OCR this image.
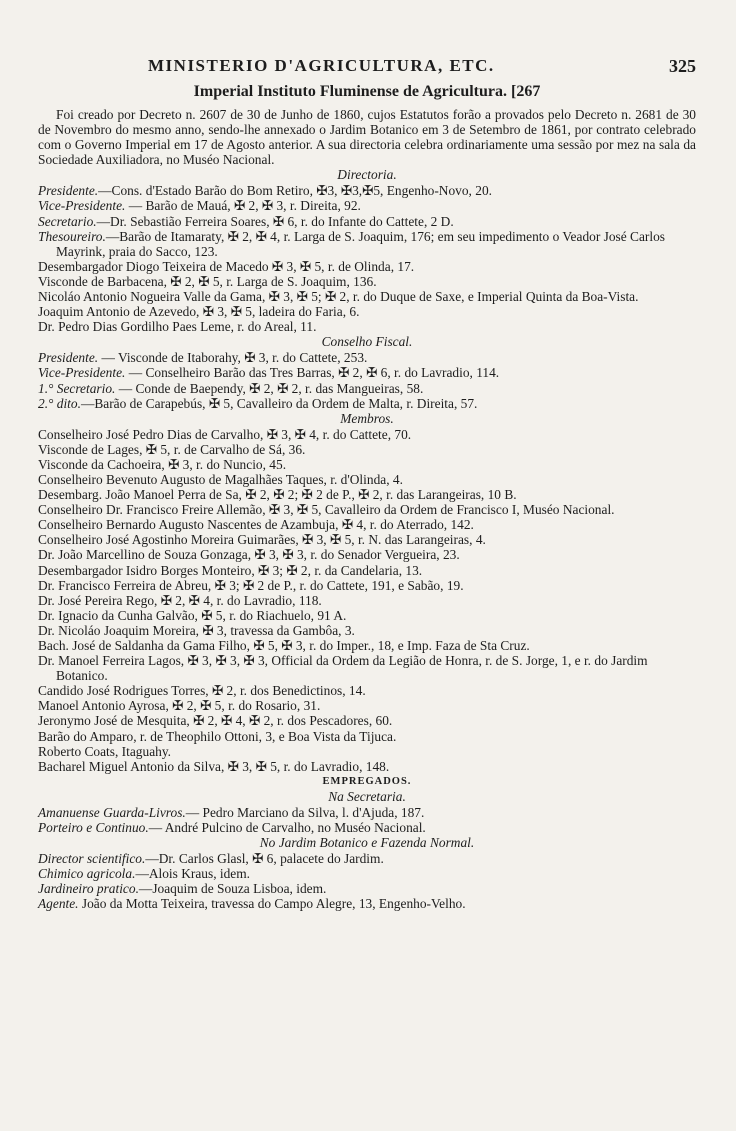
MINISTERIO D'AGRICULTURA, ETC.	325
Imperial Instituto Fluminense de Agricultura. [267

Foi creado por Decreto n. 2607 de 30 de Junho de 1860, cujos Estatutos forão a provados pelo Decreto n. 2681 de 30 de Novembro do mesmo anno, sendo-lhe annexado o Jardim Botanico em 3 de Setembro de 1861, por contrato celebrado com o Governo Imperial em 17 de Agosto anterior. A sua directoria celebra ordinariamente uma sessão por mez na sala da Sociedade Auxiliadora, no Muséo Nacional.

Directoria.

Presidente.—Cons. d'Estado Barão do Bom Retiro, ✠3, ✠3,✠5, Engenho-Novo, 20.

Vice-Presidente. — Barão de Mauá, ✠ 2, ✠ 3, r. Direita, 92.

Secretario.—Dr. Sebastião Ferreira Soares, ✠ 6, r. do Infante do Cattete, 2 D.

Thesoureiro.—Barão de Itamaraty, ✠ 2, ✠ 4, r. Larga de S. Joaquim, 176; em seu impedimento o Veador José Carlos Mayrink, praia do Sacco, 123.

Desembargador Diogo Teixeira de Macedo ✠ 3, ✠ 5, r. de Olinda, 17.

Visconde de Barbacena, ✠ 2, ✠ 5, r. Larga de S. Joaquim, 136.

Nicoláo Antonio Nogueira Valle da Gama, ✠ 3, ✠ 5; ✠ 2, r. do Duque de Saxe, e Imperial Quinta da Boa-Vista.

Joaquim Antonio de Azevedo, ✠ 3, ✠ 5, ladeira do Faria, 6.

Dr. Pedro Dias Gordilho Paes Leme, r. do Areal, 11.

Conselho Fiscal.

Presidente. — Visconde de Itaborahy, ✠ 3, r. do Cattete, 253.

Vice-Presidente. — Conselheiro Barão das Tres Barras, ✠ 2, ✠ 6, r. do Lavradio, 114.

1.° Secretario. — Conde de Baependy, ✠ 2, ✠ 2, r. das Mangueiras, 58.

2.° dito.—Barão de Carapebús, ✠ 5, Cavalleiro da Ordem de Malta, r. Direita, 57.

Membros.

Conselheiro José Pedro Dias de Carvalho, ✠ 3, ✠ 4, r. do Cattete, 70.

Visconde de Lages, ✠ 5, r. de Carvalho de Sá, 36.

Visconde da Cachoeira, ✠ 3, r. do Nuncio, 45.

Conselheiro Bevenuto Augusto de Magalhães Taques, r. d'Olinda, 4.

Desembarg. João Manoel Perra de Sa, ✠ 2, ✠ 2; ✠ 2 de P., ✠ 2, r. das Larangeiras, 10 B.

Conselheiro Dr. Francisco Freire Allemão, ✠ 3, ✠ 5, Cavalleiro da Ordem de Francisco I, Muséo Nacional.

Conselheiro Bernardo Augusto Nascentes de Azambuja, ✠ 4, r. do Aterrado, 142.

Conselheiro José Agostinho Moreira Guimarães, ✠ 3, ✠ 5, r. N. das Larangeiras, 4.

Dr. João Marcellino de Souza Gonzaga, ✠ 3, ✠ 3, r. do Senador Vergueira, 23.

Desembargador Isidro Borges Monteiro, ✠ 3; ✠ 2, r. da Candelaria, 13.

Dr. Francisco Ferreira de Abreu, ✠ 3; ✠ 2 de P., r. do Cattete, 191, e Sabão, 19.

Dr. José Pereira Rego, ✠ 2, ✠ 4, r. do Lavradio, 118.

Dr. Ignacio da Cunha Galvão, ✠ 5, r. do Riachuelo, 91 A.

Dr. Nicoláo Joaquim Moreira, ✠ 3, travessa da Gambôa, 3.

Bach. José de Saldanha da Gama Filho, ✠ 5, ✠ 3, r. do Imper., 18, e Imp. Faza de Sta Cruz.

Dr. Manoel Ferreira Lagos, ✠ 3, ✠ 3, ✠ 3, Official da Ordem da Legião de Honra, r. de S. Jorge, 1, e r. do Jardim Botanico.

Candido José Rodrigues Torres, ✠ 2, r. dos Benedictinos, 14.

Manoel Antonio Ayrosa, ✠ 2, ✠ 5, r. do Rosario, 31.

Jeronymo José de Mesquita, ✠ 2, ✠ 4, ✠ 2, r. dos Pescadores, 60.

Barão do Amparo, r. de Theophilo Ottoni, 3, e Boa Vista da Tijuca.

Roberto Coats, Itaguahy.

Bacharel Miguel Antonio da Silva, ✠ 3, ✠ 5, r. do Lavradio, 148.

EMPREGADOS.
Na Secretaria.

Amanuense Guarda-Livros.— Pedro Marciano da Silva, l. d'Ajuda, 187.

Porteiro e Continuo.— André Pulcino de Carvalho, no Muséo Nacional.

No Jardim Botanico e Fazenda Normal.

Director scientifico.—Dr. Carlos Glasl, ✠ 6, palacete do Jardim.

Chimico agricola.—Alois Kraus, idem.

Jardineiro pratico.—Joaquim de Souza Lisboa, idem.

Agente. João da Motta Teixeira, travessa do Campo Alegre, 13, Engenho-Velho.
